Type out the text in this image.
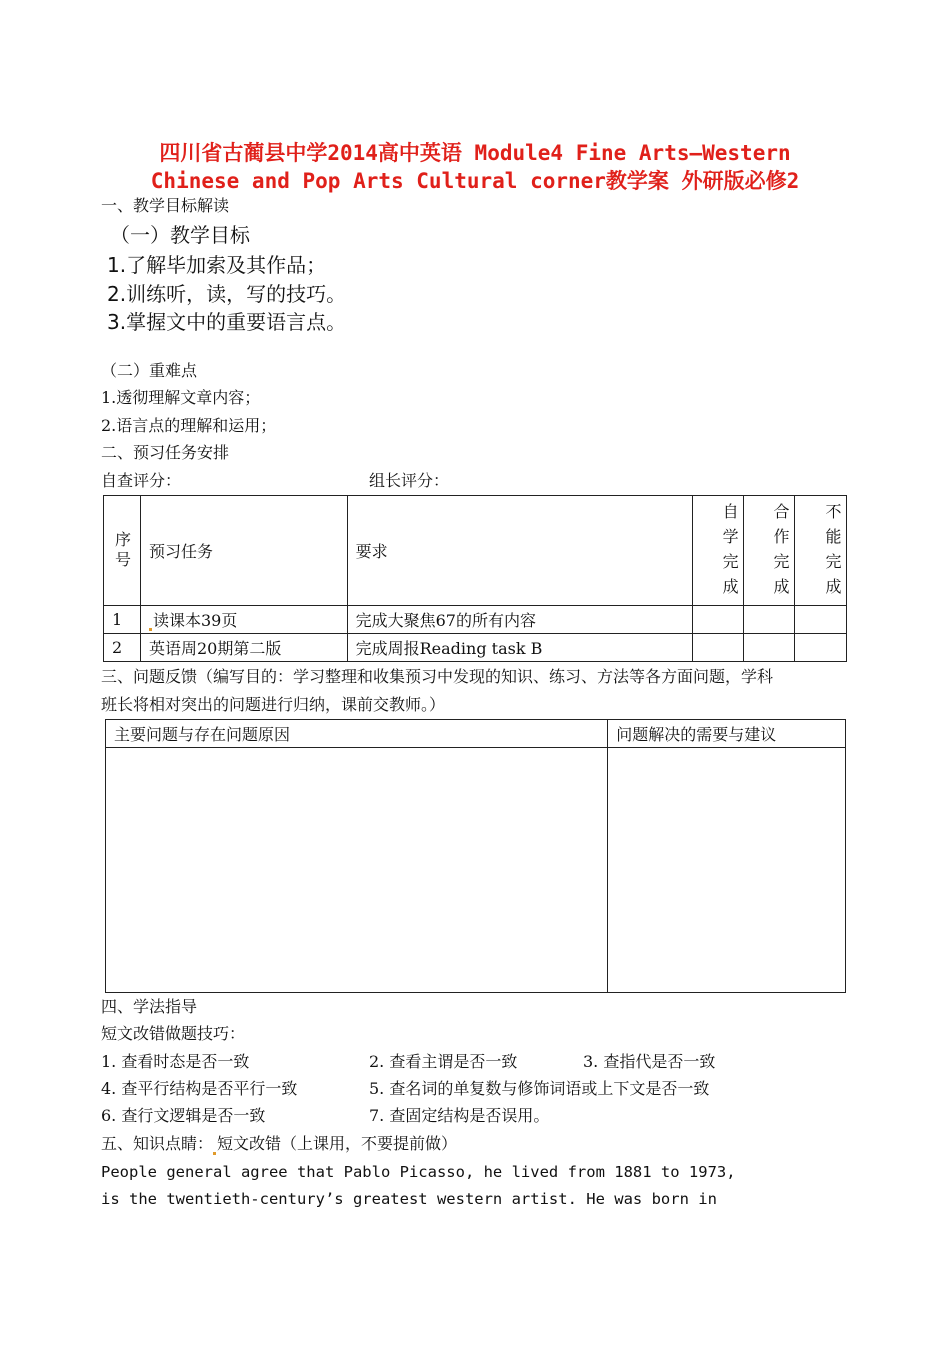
四川省古蔺县中学2014高中英语 Module4 Fine Arts—Western
Chinese and Pop Arts Cultural corner教学案 外研版必修2
一、教学目标解读
（一）教学目标
1.了解毕加索及其作品；
2.训练听，读，写的技巧。
3.掌握文中的重要语言点。
（二）重难点
1.透彻理解文章内容；
2.语言点的理解和运用；
二、预习任务安排
自查评分：	组长评分：
序号	预习任务	要求	自学完成	合作完成	不能完成
1	读课本39页	完成大聚焦67的所有内容			
2	英语周20期第二版	完成周报Reading task B			
三、问题反馈（编写目的：学习整理和收集预习中发现的知识、练习、方法等各方面问题，学科
班长将相对突出的问题进行归纳，课前交教师。）
主要问题与存在问题原因	问题解决的需要与建议

四、学法指导
短文改错做题技巧：
1. 查看时态是否一致	2. 查看主谓是否一致	3. 查指代是否一致
4. 查平行结构是否平行一致	5. 查名词的单复数与修饰词语或上下文是否一致
6. 查行文逻辑是否一致	7. 查固定结构是否误用。
五、知识点睛： 短文改错（上课用，不要提前做）
People general agree that Pablo Picasso, he lived from 1881 to 1973,
is the twentieth-century’s greatest western artist. He was born in
